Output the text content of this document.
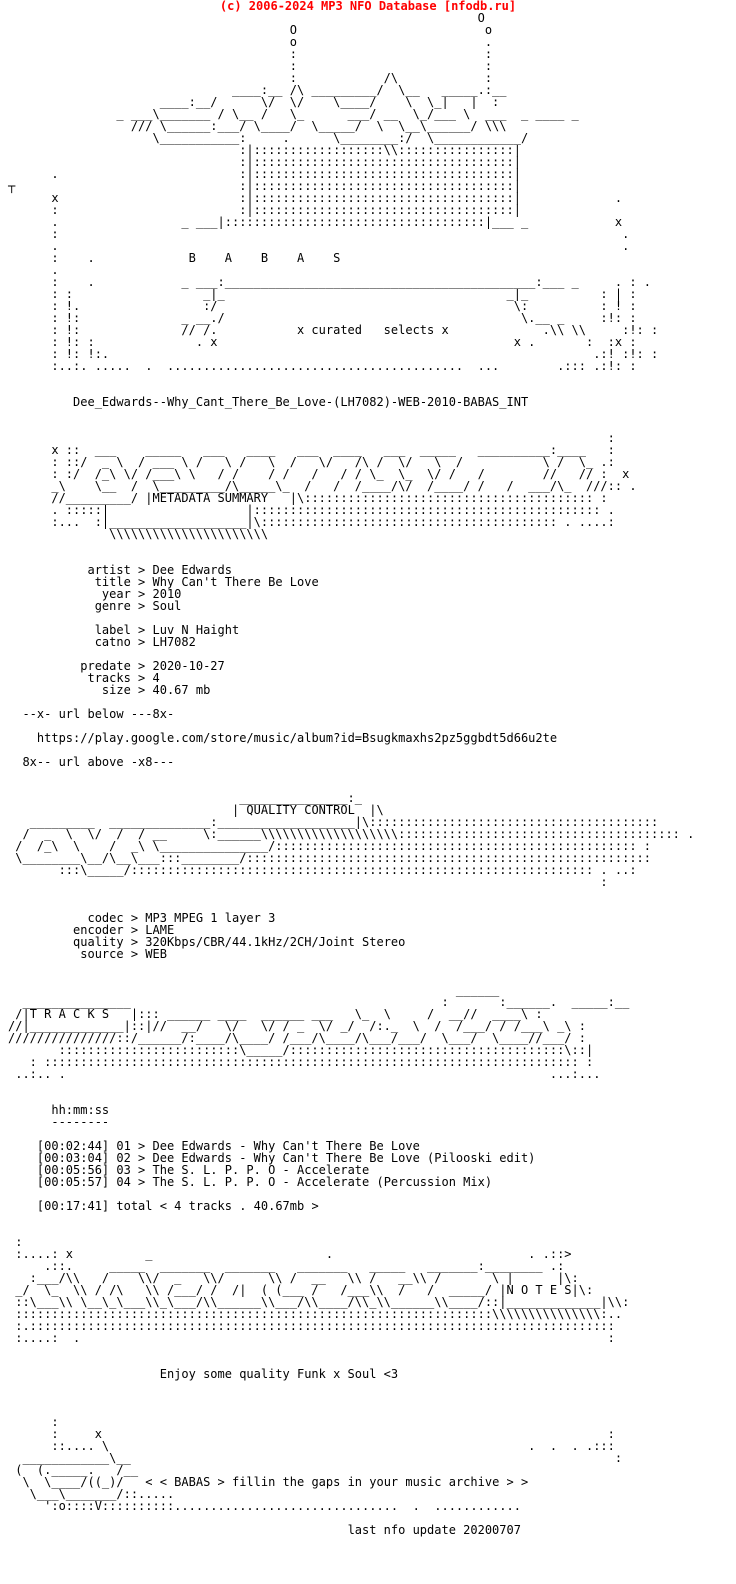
(c) 2006-2024 MP3 NFO Database [nfodb.ru]
O
O                          o
o                          .
:                          :
:                          :
:            /\            :
____:__ /\ _________/  \__   _____.:__
____:__/      \/  \/    \____/    \  \_|   |  :
_ ___\_______ / \__ /   \_      ___/ __  \_/___ \  ___  _ ____ _
/// \______:___/ \____/  \_____/  \  \__\______/ \\\
\___________:     .      \________:/  \____________/
:|::::::::::::::::::\\::::::::::::::::|
:|::::::::::::::::::::::::::::::::::::|
.                         :|::::::::::::::::::::::::::::::::::::|
┬                               :|::::::::::::::::::::::::::::::::::::|
x                         :|::::::::::::::::::::::::::::::::::::|             .
:                         :|::::::::::::::::::::::::::::::::::::|
.                 _ ___|::::::::::::::::::::::::::::::::::::|___ _            x
:                                                                              .
.                                                                              .
:    .	B    A    B    A    S
.
:    .            _ ___:___________________________________________:___ _     . : .
: :                  _|_                                       _|_          : | :
: !.                 :/                                         \:          : ! :
: !:              _ __./                                         \.__ _     :!: :
: !:              // /.	x curated   selects x	.\\ \\     :!: :
: !: :              . x                                         x .       :  :x :
: !: !:.                                                                   .:! :!: :
:..:. .....  .  .........................................  ...        .::: .:!: :

Dee_Edwards--Why_Cant_There_Be_Love-(LH7082)-WEB-2010-BABAS_INT

:
x ::  ___    _____   ___   ____   ___  ____   ___  _____   __________:____   :
: ::/  _ \  / ___ \ /   \ /   \  /   \/   /\ /  \/   \  /           \ /  \_ .:
: :/  /_\ \/ /___\ \   / /    / /   /   / / \_  \_  \/ /   /        //   // :  x
_\    \__  /  \_________/\_____\_  /   /  /____/\/  /____/ /   /  ___/\_  ///:: .
//_________/ |METADATA SUMMARY   |\:::::::::::::::::::::::::::::::::::::::: :
. :::::|                   |:::::::::::::::::::::::::::::::::::::::::::::::: .
:...  :|___________________|\::::::::::::::::::::::::::::::::::::::::: . ....:
\\\\\\\\\\\\\\\\\\\\\\

artist > Dee Edwards
title > Why Can't There Be Love
year > 2010
genre > Soul

label > Luv N Haight
catno > LH7082

predate > 2020-10-27
tracks > 4
size > 40.67 mb

--x- url below ---8x-

https://play.google.com/store/music/album?id=Bsugkmaxhs2pz5ggbdt5d66u2te

8x-- url above -x8---

_______________:_
| QUALITY CONTROL  |\
_________  ______________:___________________|\::::::::::::::::::::::::::::::::::::::::
/  _  \  \/  /  / __     \:______\\\\\\\\\\\\\\\\\\\::::::::::::::::::::::::::::::::::::::: .
/  /_\  \    /  _\ \_______________/:::::::::::::::::::::::::::::::::::::::::::::::::: :
\________\__/\__\___:::________/::::::::::::::::::::::::::::::::::::::::::::::::::::::::
:::\_____/:::::::::::::::::::::::::::::::::::::::::::::::::::::::::::::::: . ..:
:

codec > MP3 MPEG 1 layer 3
encoder > LAME
quality > 320Kbps/CBR/44.1kHz/2CH/Joint Stereo
source > WEB

______
_______________                                           :       :______.  _____:__
/|T R A C K S   |::: ______ ____  ______ ___   \_  \     /  __//  ____\ :
//|_____________|::|//  __/   \/   \/ / _  \/ _/  /:._  \  /  /___/ / /___\ _\ :
///////////////::/______/:____/\____/ /___/\____/\___/___/  \___/  \____//___/ :
:::::::::::::::::::::::::\_____/::::::::::::::::::::::::::::::::::::::\::|
: :::::::::::::::::::::::::::::::::::::::::::::::::::::::::::::::::::::::::: :
..:.. .                                                                   ...:...

hh:mm:ss
--------

[00:02:44] 01 > Dee Edwards - Why Can't There Be Love
[00:03:04] 02 > Dee Edwards - Why Can't There Be Love (Pilooski edit)
[00:05:56] 03 > The S. L. P. P. O - Accelerate
[00:05:57] 04 > The S. L. P. P. O - Accelerate (Percussion Mix)

[00:17:41] total < 4 tracks . 40.67mb >

:
:....: x          _                        .                           . .::>
.::.     _____  _______  _______   _______   _____   _______:________ .:
:___/\\   /    \\/  _   \\/      \\ /  __   \\ /   __\\ /       \ |      |\:
_/  \_  \\ / /\   \\ /___/ /  /|  ( (___ /   /___\\  /   /  _____/ |N O T E S|\:
::\___\\ \__\_\___\\_\___/\\______\\___/\\____/\\_\\______\\____/::|_____________|\\:
::::::::::::::::::::::::::::::::::::::::::::::::::::::::::::::::::\\\\\\\\\\\\\\\:..
:.:::::::::::::::::::::::::::::::::::::::::::::::::::::::::::::::::::::::::::::::::
:....:  .                                                                         :

Enjoy some quality Funk x Soul <3

:
:     x                                                                      :
::.... \                                                          .  .  . .:::
____________\__                                                                   :
(  (._____.   /__
\  \____/((_)/   < < BABAS > fillin the gaps in your music archive > >
\___\_______/::.....
':o::::V::::::::::...............................  .  ............

last nfo update 20200707
